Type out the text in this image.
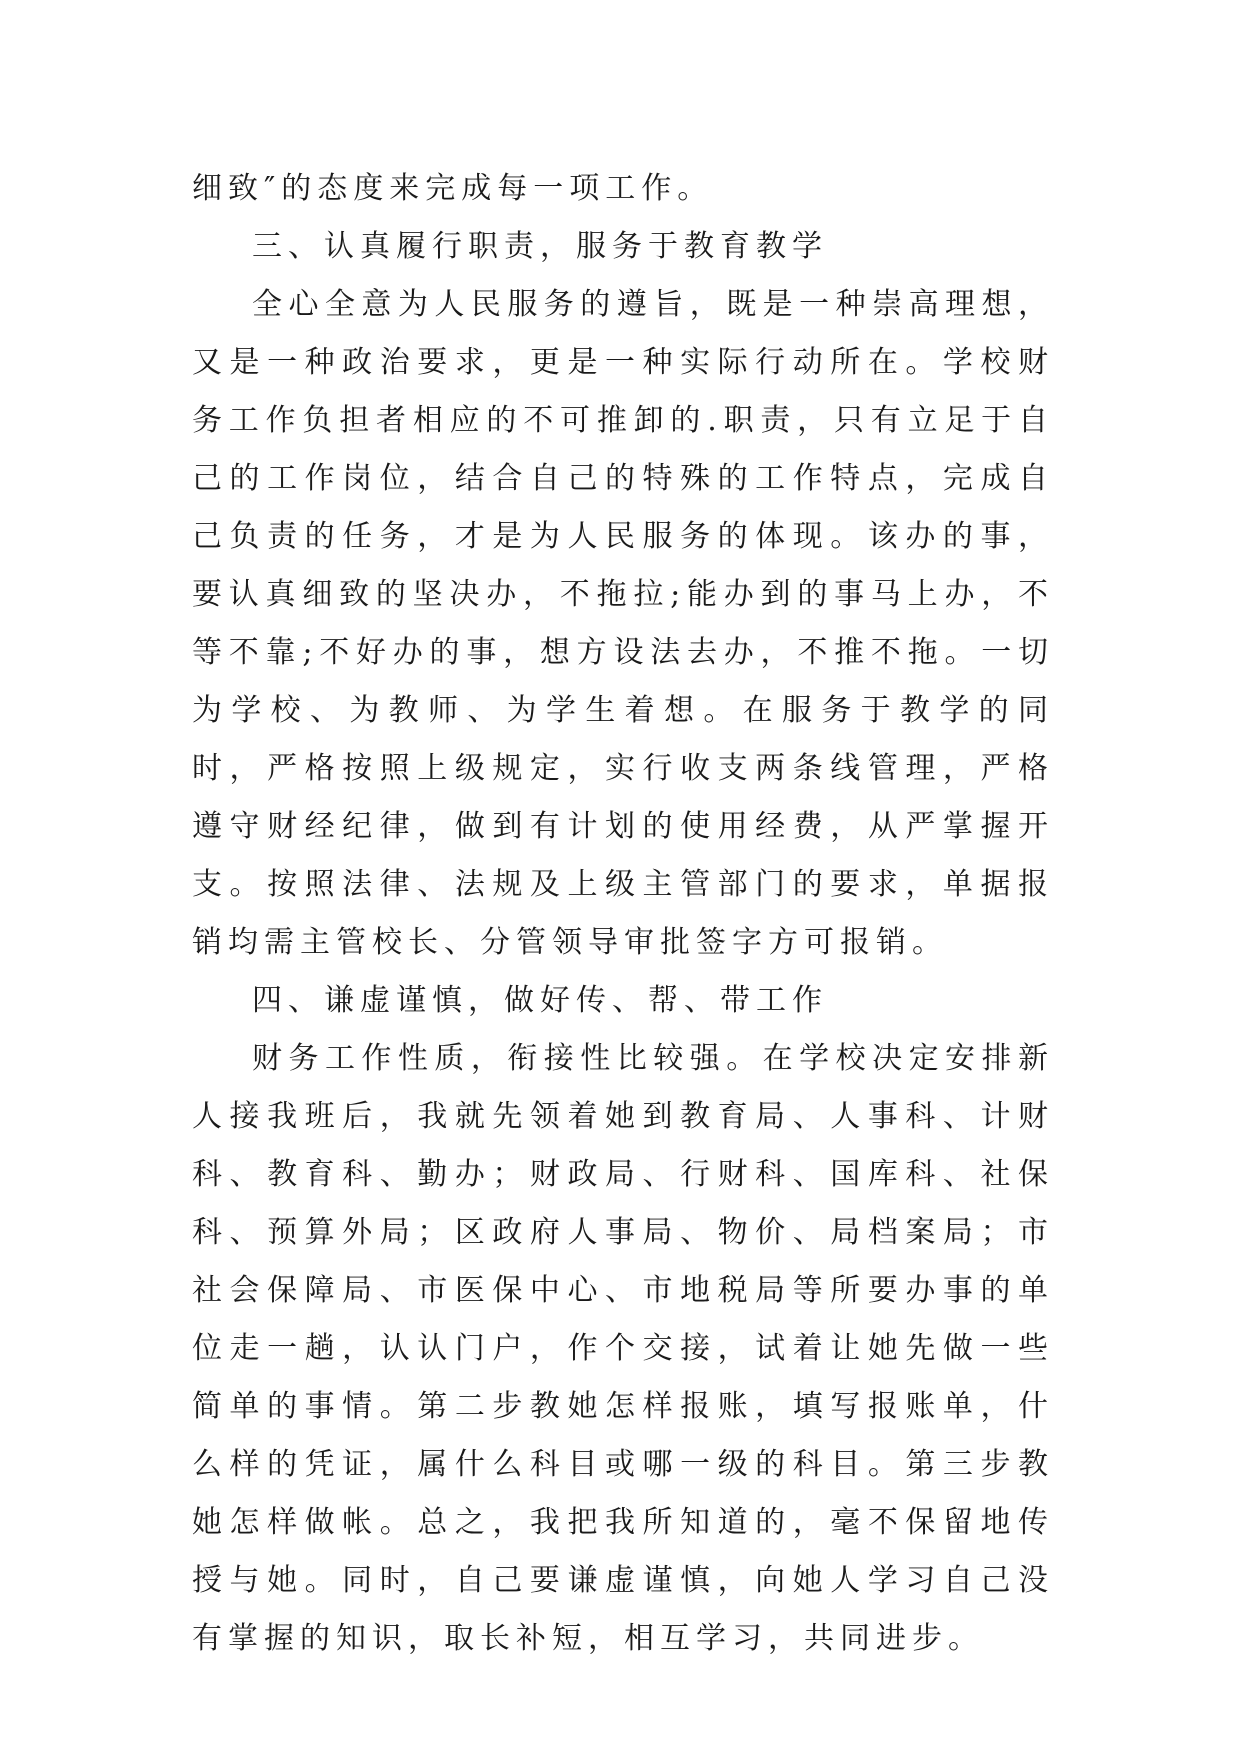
细致″的态度来完成每一项工作。

三、认真履行职责，服务于教育教学

全心全意为人民服务的遵旨，既是一种崇高理想，又是一种政治要求，更是一种实际行动所在。学校财务工作负担者相应的不可推卸的.职责，只有立足于自己的工作岗位，结合自己的特殊的工作特点，完成自己负责的任务，才是为人民服务的体现。该办的事，要认真细致的坚决办，不拖拉;能办到的事马上办，不等不靠;不好办的事，想方设法去办，不推不拖。一切为学校、为教师、为学生着想。在服务于教学的同时，严格按照上级规定，实行收支两条线管理，严格遵守财经纪律，做到有计划的使用经费，从严掌握开支。按照法律、法规及上级主管部门的要求，单据报销均需主管校长、分管领导审批签字方可报销。

四、谦虚谨慎，做好传、帮、带工作

财务工作性质，衔接性比较强。在学校决定安排新人接我班后，我就先领着她到教育局、人事科、计财科、教育科、勤办；财政局、行财科、国库科、社保科、预算外局；区政府人事局、物价、局档案局；市社会保障局、市医保中心、市地税局等所要办事的单位走一趟，认认门户，作个交接，试着让她先做一些简单的事情。第二步教她怎样报账，填写报账单，什么样的凭证，属什么科目或哪一级的科目。第三步教她怎样做帐。总之，我把我所知道的，毫不保留地传授与她。同时，自己要谦虚谨慎，向她人学习自己没有掌握的知识，取长补短，相互学习，共同进步。
